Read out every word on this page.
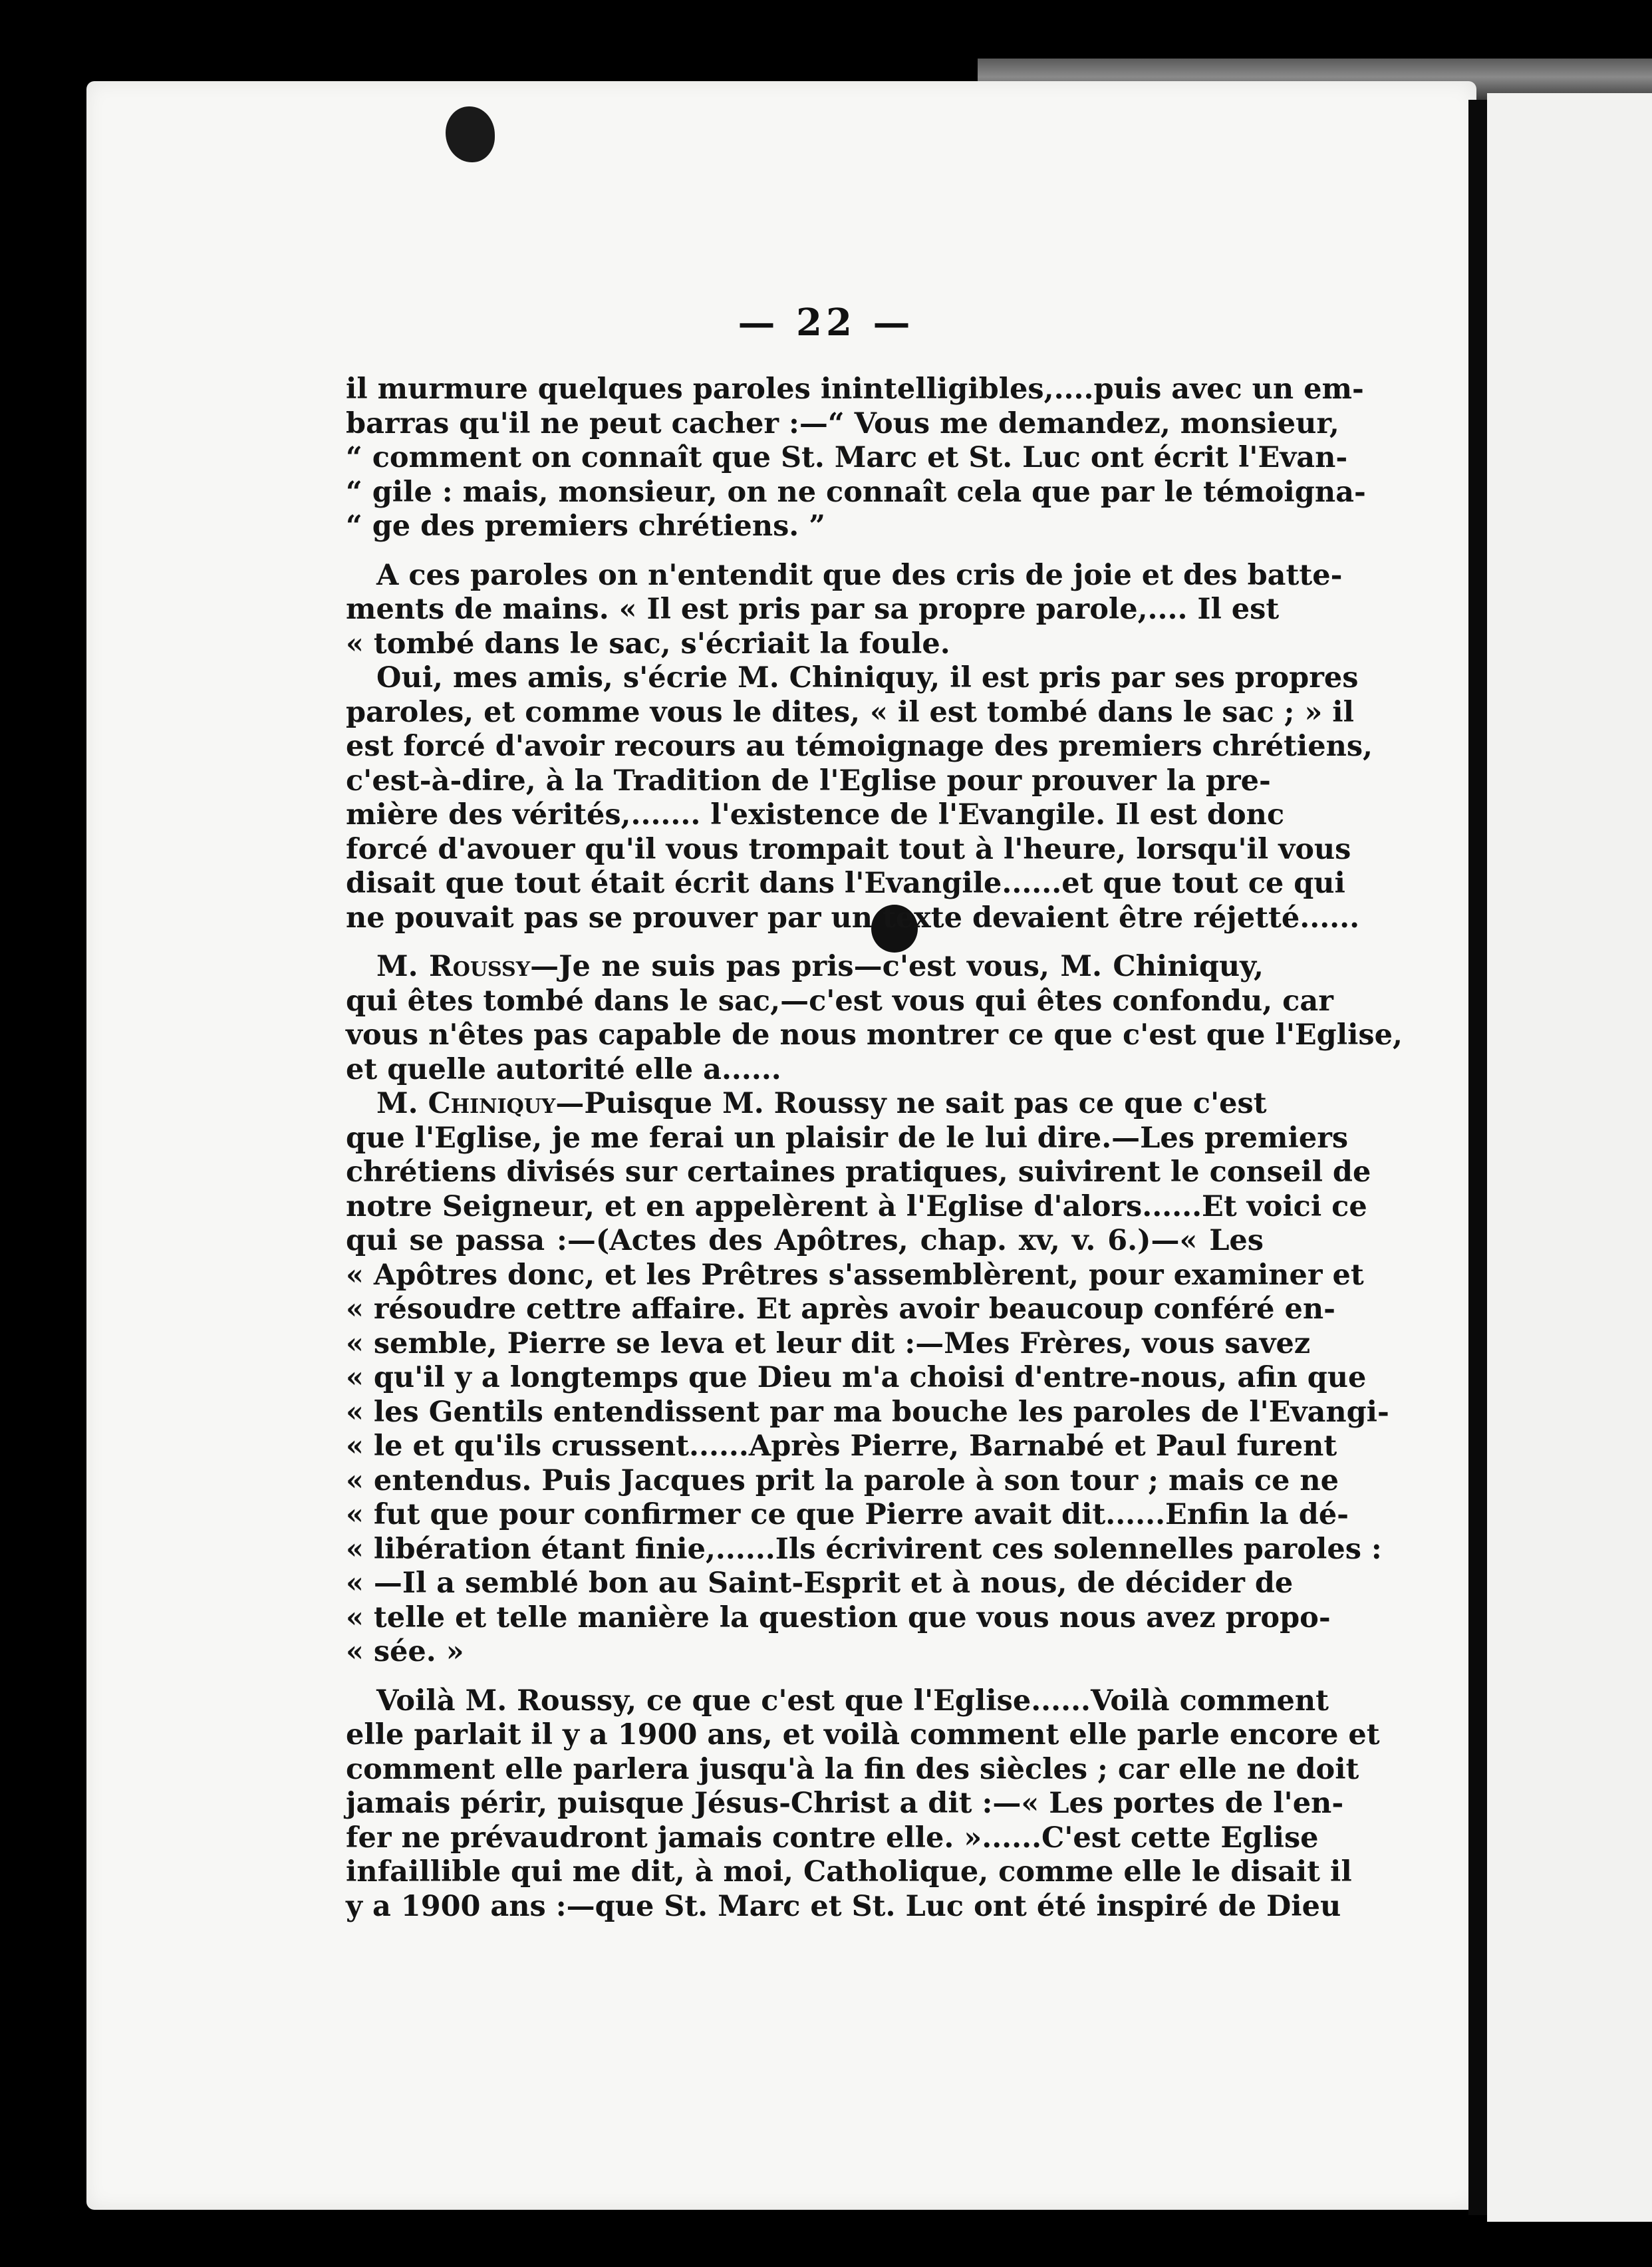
— 22 —
il murmure quelques paroles inintelligibles,....puis avec un em-
barras qu'il ne peut cacher :—“ Vous me demandez, monsieur,
“ comment on connaît que St. Marc et St. Luc ont écrit l'Evan-
“ gile : mais, monsieur, on ne connaît cela que par le témoigna-
“ ge des premiers chrétiens. ”
A ces paroles on n'entendit que des cris de joie et des batte-
ments de mains. « Il est pris par sa propre parole,.... Il est
« tombé dans le sac, s'écriait la foule.
Oui, mes amis, s'écrie M. Chiniquy, il est pris par ses propres
paroles, et comme vous le dites, « il est tombé dans le sac ; » il
est forcé d'avoir recours au témoignage des premiers chrétiens,
c'est-à-dire, à la Tradition de l'Eglise pour prouver la pre-
mière des vérités,....... l'existence de l'Evangile. Il est donc
forcé d'avouer qu'il vous trompait tout à l'heure, lorsqu'il vous
disait que tout était écrit dans l'Evangile......et que tout ce qui
ne pouvait pas se prouver par un texte devaient être réjetté......
M. Roussy—Je ne suis pas pris—c'est vous, M. Chiniquy,
qui êtes tombé dans le sac,—c'est vous qui êtes confondu, car
vous n'êtes pas capable de nous montrer ce que c'est que l'Eglise,
et quelle autorité elle a......
M. Chiniquy—Puisque M. Roussy ne sait pas ce que c'est
que l'Eglise, je me ferai un plaisir de le lui dire.—Les premiers
chrétiens divisés sur certaines pratiques, suivirent le conseil de
notre Seigneur, et en appelèrent à l'Eglise d'alors......Et voici ce
qui se passa :—(Actes des Apôtres, chap. xv, v. 6.)—« Les
« Apôtres donc, et les Prêtres s'assemblèrent, pour examiner et
« résoudre cettre affaire. Et après avoir beaucoup conféré en-
« semble, Pierre se leva et leur dit :—Mes Frères, vous savez
« qu'il y a longtemps que Dieu m'a choisi d'entre-nous, afin que
« les Gentils entendissent par ma bouche les paroles de l'Evangi-
« le et qu'ils crussent......Après Pierre, Barnabé et Paul furent
« entendus. Puis Jacques prit la parole à son tour ; mais ce ne
« fut que pour confirmer ce que Pierre avait dit......Enfin la dé-
« libération étant finie,......Ils écrivirent ces solennelles paroles :
« —Il a semblé bon au Saint-Esprit et à nous, de décider de
« telle et telle manière la question que vous nous avez propo-
« sée. »
Voilà M. Roussy, ce que c'est que l'Eglise......Voilà comment
elle parlait il y a 1900 ans, et voilà comment elle parle encore et
comment elle parlera jusqu'à la fin des siècles ; car elle ne doit
jamais périr, puisque Jésus-Christ a dit :—« Les portes de l'en-
fer ne prévaudront jamais contre elle. »......C'est cette Eglise
infaillible qui me dit, à moi, Catholique, comme elle le disait il
y a 1900 ans :—que St. Marc et St. Luc ont été inspiré de Dieu
